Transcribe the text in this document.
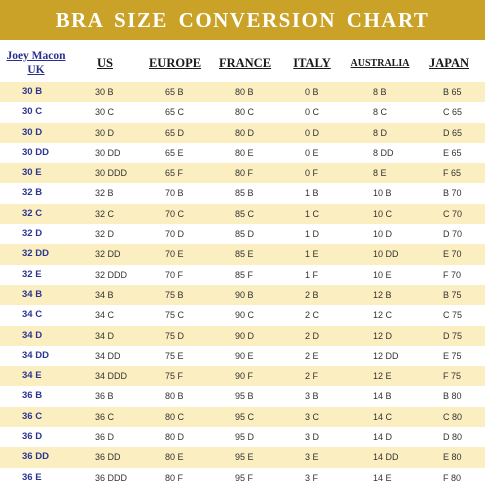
BRA SIZE CONVERSION CHART
Joey Macon
UK
US	EUROPE	FRANCE	ITALY	AUSTRALIA	JAPAN
30 B	30 B	65 B	80 B	0 B	8 B	B 65
30 C	30 C	65 C	80 C	0 C	8 C	C 65
30 D	30 D	65 D	80 D	0 D	8 D	D 65
30 DD	30 DD	65 E	80 E	0 E	8 DD	E 65
30 E	30 DDD	65 F	80 F	0 F	8 E	F 65
32 B	32 B	70 B	85 B	1 B	10 B	B 70
32 C	32 C	70 C	85 C	1 C	10 C	C 70
32 D	32 D	70 D	85 D	1 D	10 D	D 70
32 DD	32 DD	70 E	85 E	1 E	10 DD	E 70
32 E	32 DDD	70 F	85 F	1 F	10 E	F 70
34 B	34 B	75 B	90 B	2 B	12 B	B 75
34 C	34 C	75 C	90 C	2 C	12 C	C 75
34 D	34 D	75 D	90 D	2 D	12 D	D 75
34 DD	34 DD	75 E	90 E	2 E	12 DD	E 75
34 E	34 DDD	75 F	90 F	2 F	12 E	F 75
36 B	36 B	80 B	95 B	3 B	14 B	B 80
36 C	36 C	80 C	95 C	3 C	14 C	C 80
36 D	36 D	80 D	95 D	3 D	14 D	D 80
36 DD	36 DD	80 E	95 E	3 E	14 DD	E 80
36 E	36 DDD	80 F	95 F	3 F	14 E	F 80
